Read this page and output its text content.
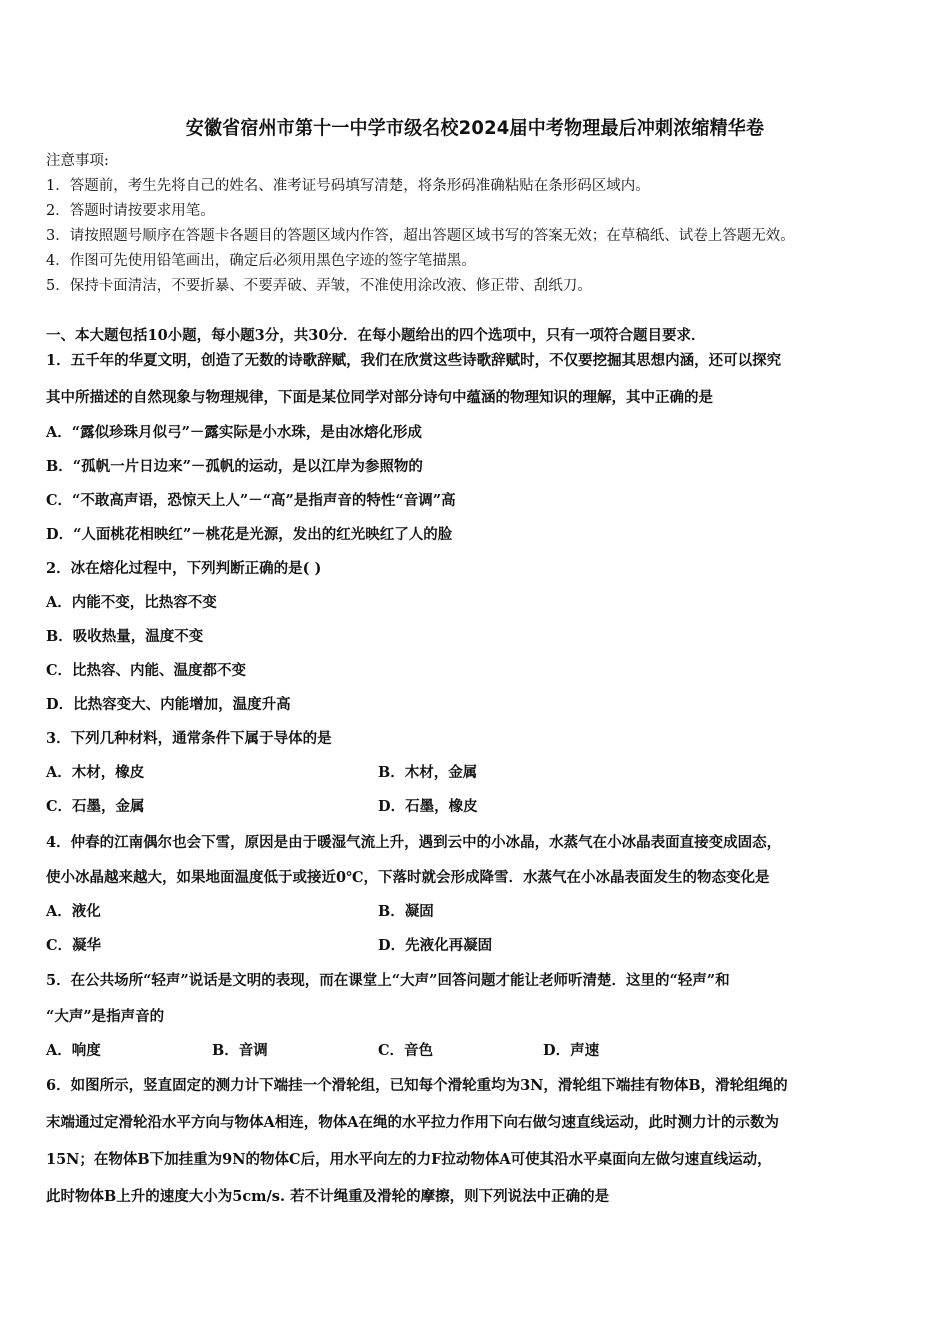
安徽省宿州市第十一中学市级名校2024届中考物理最后冲刺浓缩精华卷
注意事项:
1．答题前，考生先将自己的姓名、准考证号码填写清楚，将条形码准确粘贴在条形码区域内。
2．答题时请按要求用笔。
3．请按照题号顺序在答题卡各题目的答题区域内作答，超出答题区域书写的答案无效；在草稿纸、试卷上答题无效。
4．作图可先使用铅笔画出，确定后必须用黑色字迹的签字笔描黑。
5．保持卡面清洁，不要折暴、不要弄破、弄皱，不准使用涂改液、修正带、刮纸刀。
一、本大题包括10小题，每小题3分，共30分．在每小题给出的四个选项中，只有一项符合题目要求．
1．五千年的华夏文明，创造了无数的诗歌辞赋，我们在欣赏这些诗歌辞赋时，不仅要挖掘其思想内涵，还可以探究
其中所描述的自然现象与物理规律，下面是某位同学对部分诗句中蕴涵的物理知识的理解，其中正确的是
A．“露似珍珠月似弓”－露实际是小水珠，是由冰熔化形成
B．“孤帆一片日边来”－孤帆的运动，是以江岸为参照物的
C．“不敢高声语，恐惊天上人”－“高”是指声音的特性“音调”高
D．“人面桃花相映红”－桃花是光源，发出的红光映红了人的脸
2．冰在熔化过程中，下列判断正确的是( )
A．内能不变，比热容不变
B．吸收热量，温度不变
C．比热容、内能、温度都不变
D．比热容变大、内能增加，温度升高
3．下列几种材料，通常条件下属于导体的是
A．木材，橡皮	B．木材，金属
C．石墨，金属	D．石墨，橡皮
4．仲春的江南偶尔也会下雪，原因是由于暖湿气流上升，遇到云中的小冰晶，水蒸气在小冰晶表面直接变成固态，
使小冰晶越来越大，如果地面温度低于或接近0℃，下落时就会形成降雪．水蒸气在小冰晶表面发生的物态变化是
A．液化	B．凝固
C．凝华	D．先液化再凝固
5．在公共场所“轻声”说话是文明的表现，而在课堂上“大声”回答问题才能让老师听清楚．这里的“轻声”和
“大声”是指声音的
A．响度	B．音调	C．音色	D．声速
6．如图所示，竖直固定的测力计下端挂一个滑轮组，已知每个滑轮重均为3N，滑轮组下端挂有物体B，滑轮组绳的
末端通过定滑轮沿水平方向与物体A相连，物体A在绳的水平拉力作用下向右做匀速直线运动，此时测力计的示数为
15N；在物体B下加挂重为9N的物体C后，用水平向左的力F拉动物体A可使其沿水平桌面向左做匀速直线运动，
此时物体B上升的速度大小为5cm/s. 若不计绳重及滑轮的摩擦，则下列说法中正确的是
